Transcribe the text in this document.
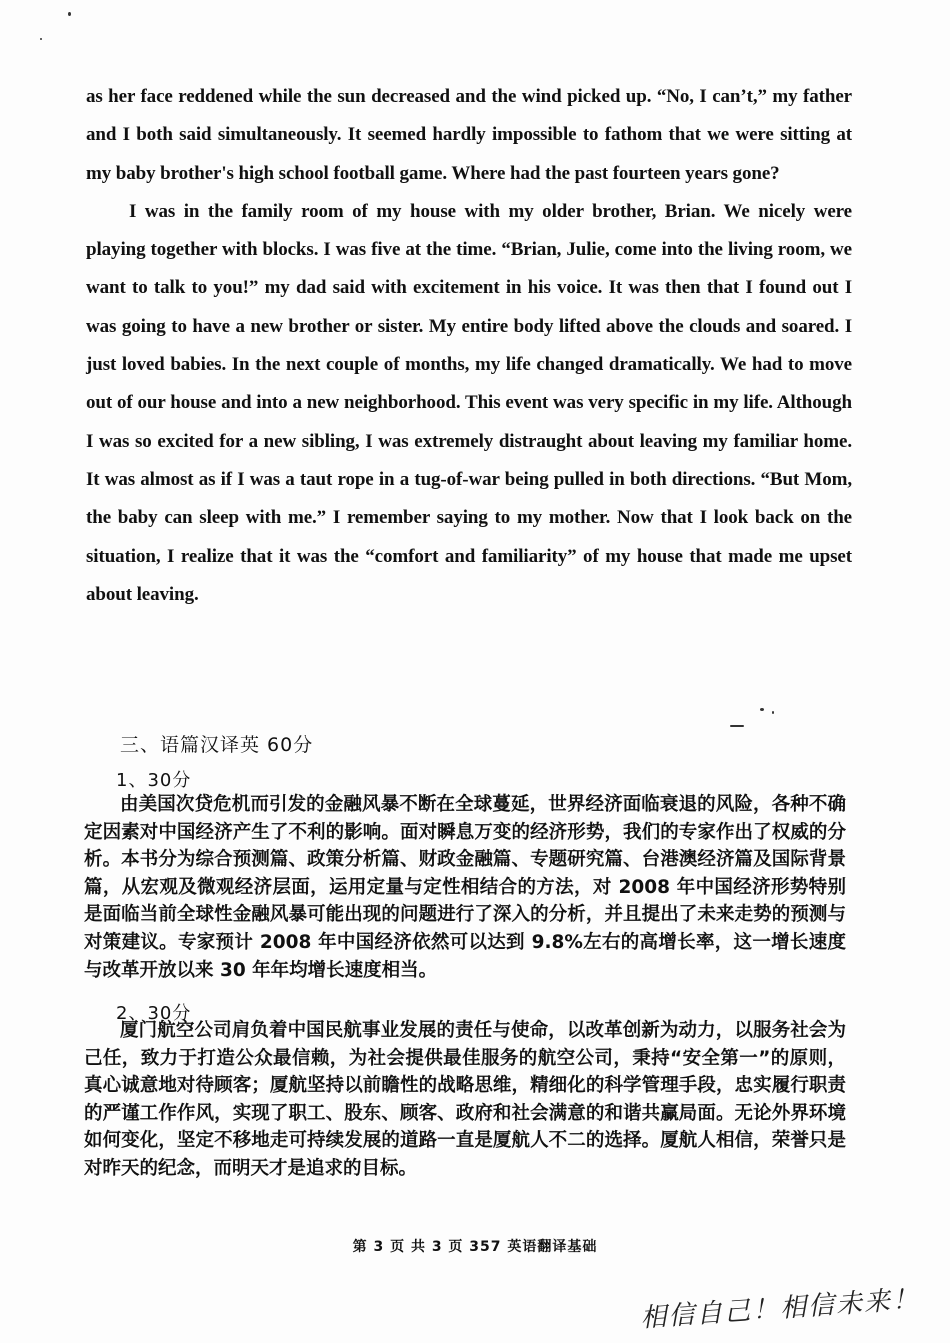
as her face reddened while the sun decreased and the wind picked up. “No, I can’t,” my father and I both said simultaneously. It seemed hardly impossible to fathom that we were sitting at my baby brother's high school football game. Where had the past fourteen years gone?

I was in the family room of my house with my older brother, Brian. We nicely were playing together with blocks. I was five at the time. “Brian, Julie, come into the living room, we want to talk to you!” my dad said with excitement in his voice. It was then that I found out I was going to have a new brother or sister. My entire body lifted above the clouds and soared. I just loved babies. In the next couple of months, my life changed dramatically. We had to move out of our house and into a new neighborhood. This event was very specific in my life. Although I was so excited for a new sibling, I was extremely distraught about leaving my familiar home. It was almost as if I was a taut rope in a tug-of-war being pulled in both directions. “But Mom, the baby can sleep with me.” I remember saying to my mother. Now that I look back on the situation, I realize that it was the “comfort and familiarity” of my house that made me upset about leaving.

三、语篇汉译英 60分
1、30分

由美国次贷危机而引发的金融风暴不断在全球蔓延，世界经济面临衰退的风险，各种不确定因素对中国经济产生了不利的影响。面对瞬息万变的经济形势，我们的专家作出了权威的分析。本书分为综合预测篇、政策分析篇、财政金融篇、专题研究篇、台港澳经济篇及国际背景篇，从宏观及微观经济层面，运用定量与定性相结合的方法，对 2008 年中国经济形势特别是面临当前全球性金融风暴可能出现的问题进行了深入的分析，并且提出了未来走势的预测与对策建议。专家预计 2008 年中国经济依然可以达到 9.8%左右的高增长率，这一增长速度与改革开放以来 30 年年均增长速度相当。

2、30分

厦门航空公司肩负着中国民航事业发展的责任与使命，以改革创新为动力，以服务社会为己任，致力于打造公众最信赖，为社会提供最佳服务的航空公司，秉持“安全第一”的原则，真心诚意地对待顾客；厦航坚持以前瞻性的战略思维，精细化的科学管理手段，忠实履行职责的严谨工作作风，实现了职工、股东、顾客、政府和社会满意的和谐共赢局面。无论外界环境如何变化，坚定不移地走可持续发展的道路一直是厦航人不二的选择。厦航人相信，荣誉只是对昨天的纪念，而明天才是追求的目标。

第 3 页 共 3 页 357 英语翻译基础
相信自己！相信未来！
